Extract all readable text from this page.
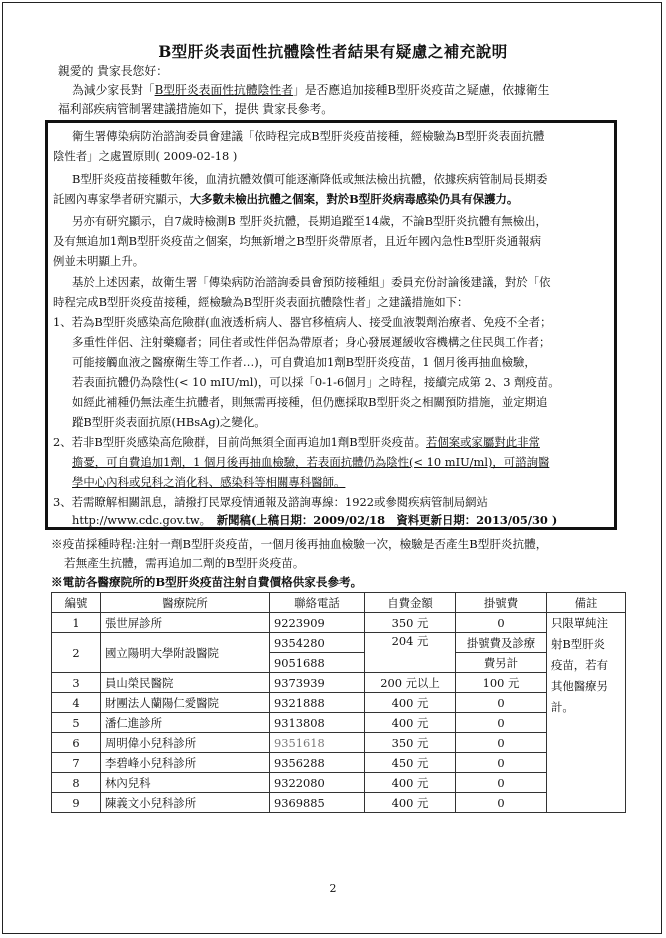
B型肝炎表面性抗體陰性者結果有疑慮之補充說明
親愛的 貴家長您好：
為減少家長對「B型肝炎表面性抗體陰性者」是否應追加接種B型肝炎疫苗之疑慮，依據衛生
福利部疾病管制署建議措施如下，提供 貴家長參考。
衛生署傳染病防治諮詢委員會建議「依時程完成B型肝炎疫苗接種，經檢驗為B型肝炎表面抗體
陰性者」之處置原則( 2009-02-18 )
B型肝炎疫苗接種數年後，血清抗體效價可能逐漸降低或無法檢出抗體，依據疾病管制局長期委
託國內專家學者研究顯示，大多數未檢出抗體之個案，對於B型肝炎病毒感染仍具有保護力。
另亦有研究顯示，自7歲時檢測B 型肝炎抗體，長期追蹤至14歲，不論B型肝炎抗體有無檢出，
及有無追加1劑B型肝炎疫苗之個案，均無新增之B型肝炎帶原者，且近年國內急性B型肝炎通報病
例並未明顯上升。
基於上述因素，故衛生署「傳染病防治諮詢委員會預防接種組」委員充份討論後建議，對於「依
時程完成B型肝炎疫苗接種，經檢驗為B型肝炎表面抗體陰性者」之建議措施如下：
1、若為B型肝炎感染高危險群(血液透析病人、器官移植病人、接受血液製劑治療者、免疫不全者；
多重性伴侶、注射藥癮者；同住者或性伴侶為帶原者；身心發展遲緩收容機構之住民與工作者；
可能接觸血液之醫療衛生等工作者…)，可自費追加1劑B型肝炎疫苗，1 個月後再抽血檢驗，
若表面抗體仍為陰性(< 10 mIU/ml)，可以採「0-1-6個月」之時程，接續完成第 2、3 劑疫苗。
如經此補種仍無法產生抗體者，則無需再接種，但仍應採取B型肝炎之相關預防措施，並定期追
蹤B型肝炎表面抗原(HBsAg)之變化。
2、若非B型肝炎感染高危險群，目前尚無須全面再追加1劑B型肝炎疫苗。若個案或家屬對此非常
擔憂，可自費追加1劑，1 個月後再抽血檢驗，若表面抗體仍為陰性(< 10 mIU/ml)，可諮詢醫
學中心內科或兒科之消化科、感染科等相關專科醫師。
3、若需瞭解相關訊息，請撥打民眾疫情通報及諮詢專線：1922或參閱疾病管制局網站
http://www.cdc.gov.tw。　 新聞稿(上稿日期：2009/02/18　資料更新日期：2013/05/30 )
※疫苗採種時程:注射一劑B型肝炎疫苗，一個月後再抽血檢驗一次，檢驗是否產生B型肝炎抗體，
若無產生抗體，需再追加二劑的B型肝炎疫苗。
※電訪各醫療院所的B型肝炎疫苗注射自費價格供家長參考。
編號	醫療院所	聯絡電話	自費金額	掛號費	備註
1	張世屏診所	9223909	350 元	0	只限單純注
射B型肝炎
疫苗，若有
其他醫療另
計。
2	國立陽明大學附設醫院	9354280	204 元	掛號費及診療	
		9051688		費另計	
3	員山榮民醫院	9373939	200 元以上	100 元	
4	財團法人蘭陽仁愛醫院	9321888	400 元	0	
5	潘仁進診所	9313808	400 元	0	
6	周明偉小兒科診所	9351618	350 元	0	
7	李碧峰小兒科診所	9356288	450 元	0	
8	林內兒科	9322080	400 元	0	
9	陳義文小兒科診所	9369885	400 元	0	
2
